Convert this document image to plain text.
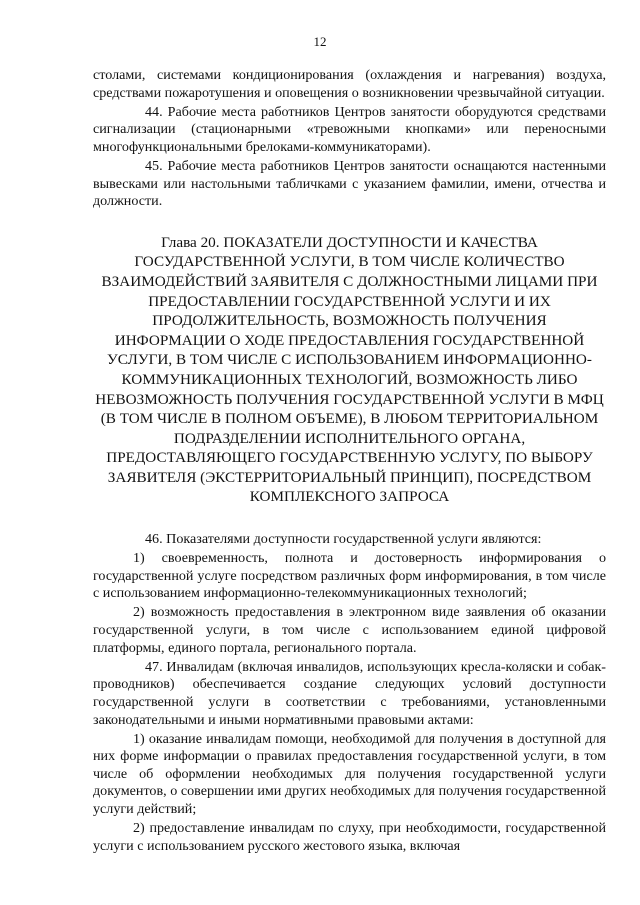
12

столами, системами кондиционирования (охлаждения и нагревания) воздуха, средствами пожаротушения и оповещения о возникновении чрезвычайной ситуации.

44. Рабочие места работников Центров занятости оборудуются средствами сигнализации (стационарными «тревожными кнопками» или переносными многофункциональными брелоками-коммуникаторами).

45. Рабочие места работников Центров занятости оснащаются настенными вывесками или настольными табличками с указанием фамилии, имени, отчества и должности.

Глава 20. ПОКАЗАТЕЛИ ДОСТУПНОСТИ И КАЧЕСТВА ГОСУДАРСТВЕННОЙ УСЛУГИ, В ТОМ ЧИСЛЕ КОЛИЧЕСТВО ВЗАИМОДЕЙСТВИЙ ЗАЯВИТЕЛЯ С ДОЛЖНОСТНЫМИ ЛИЦАМИ ПРИ ПРЕДОСТАВЛЕНИИ ГОСУДАРСТВЕННОЙ УСЛУГИ И ИХ ПРОДОЛЖИТЕЛЬНОСТЬ, ВОЗМОЖНОСТЬ ПОЛУЧЕНИЯ ИНФОРМАЦИИ О ХОДЕ ПРЕДОСТАВЛЕНИЯ ГОСУДАРСТВЕННОЙ УСЛУГИ, В ТОМ ЧИСЛЕ С ИСПОЛЬЗОВАНИЕМ ИНФОРМАЦИОННО-КОММУНИКАЦИОННЫХ ТЕХНОЛОГИЙ, ВОЗМОЖНОСТЬ ЛИБО НЕВОЗМОЖНОСТЬ ПОЛУЧЕНИЯ ГОСУДАРСТВЕННОЙ УСЛУГИ В МФЦ (В ТОМ ЧИСЛЕ В ПОЛНОМ ОБЪЕМЕ), В ЛЮБОМ ТЕРРИТОРИАЛЬНОМ ПОДРАЗДЕЛЕНИИ ИСПОЛНИТЕЛЬНОГО ОРГАНА, ПРЕДОСТАВЛЯЮЩЕГО ГОСУДАРСТВЕННУЮ УСЛУГУ, ПО ВЫБОРУ ЗАЯВИТЕЛЯ (ЭКСТЕРРИТОРИАЛЬНЫЙ ПРИНЦИП), ПОСРЕДСТВОМ КОМПЛЕКСНОГО ЗАПРОСА

46. Показателями доступности государственной услуги являются:

1) своевременность, полнота и достоверность информирования о государственной услуге посредством различных форм информирования, в том числе с использованием информационно-телекоммуникационных технологий;

2) возможность предоставления в электронном виде заявления об оказании государственной услуги, в том числе с использованием единой цифровой платформы, единого портала, регионального портала.

47. Инвалидам (включая инвалидов, использующих кресла-коляски и собак-проводников) обеспечивается создание следующих условий доступности государственной услуги в соответствии с требованиями, установленными законодательными и иными нормативными правовыми актами:

1) оказание инвалидам помощи, необходимой для получения в доступной для них форме информации о правилах предоставления государственной услуги, в том числе об оформлении необходимых для получения государственной услуги документов, о совершении ими других необходимых для получения государственной услуги действий;

2) предоставление инвалидам по слуху, при необходимости, государственной услуги с использованием русского жестового языка, включая
